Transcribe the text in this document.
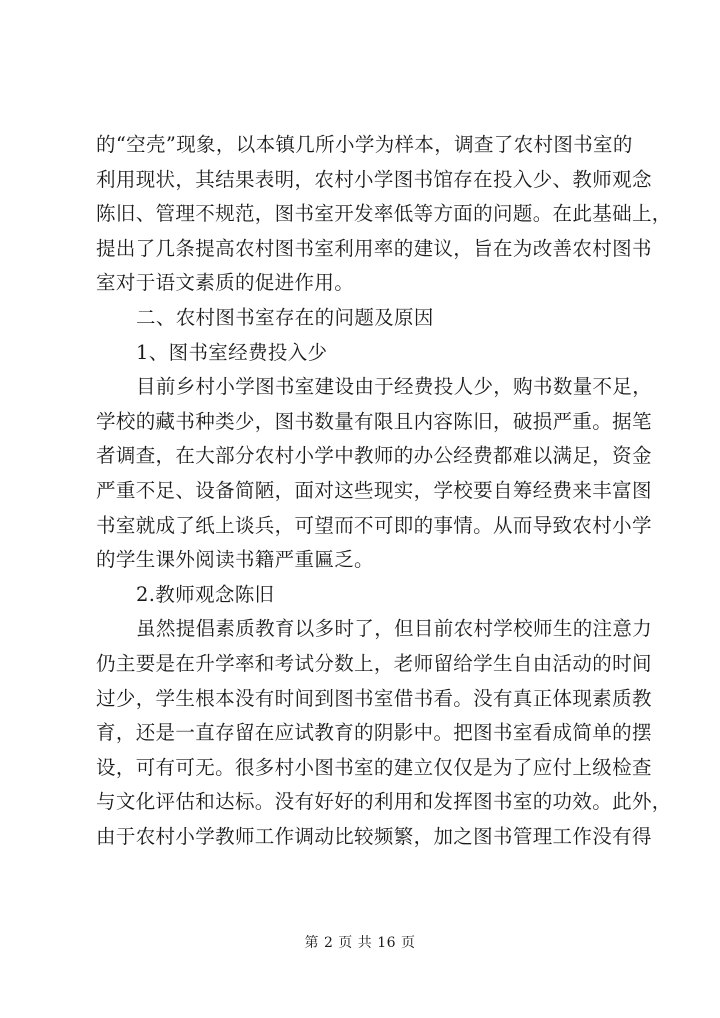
的“空壳”现象，以本镇几所小学为样本，调查了农村图书室的
利用现状，其结果表明，农村小学图书馆存在投入少、教师观念
陈旧、管理不规范，图书室开发率低等方面的问题。在此基础上，
提出了几条提高农村图书室利用率的建议，旨在为改善农村图书
室对于语文素质的促进作用。
二、农村图书室存在的问题及原因
1、图书室经费投入少
目前乡村小学图书室建设由于经费投人少，购书数量不足，
学校的藏书种类少，图书数量有限且内容陈旧，破损严重。据笔
者调查，在大部分农村小学中教师的办公经费都难以满足，资金
严重不足、设备简陋，面对这些现实，学校要自筹经费来丰富图
书室就成了纸上谈兵，可望而不可即的事情。从而导致农村小学
的学生课外阅读书籍严重匾乏。
2.教师观念陈旧
虽然提倡素质教育以多时了，但目前农村学校师生的注意力
仍主要是在升学率和考试分数上，老师留给学生自由活动的时间
过少，学生根本没有时间到图书室借书看。没有真正体现素质教
育，还是一直存留在应试教育的阴影中。把图书室看成简单的摆
设，可有可无。很多村小图书室的建立仅仅是为了应付上级检查
与文化评估和达标。没有好好的利用和发挥图书室的功效。此外，
由于农村小学教师工作调动比较频繁，加之图书管理工作没有得
第 2 页 共 16 页
